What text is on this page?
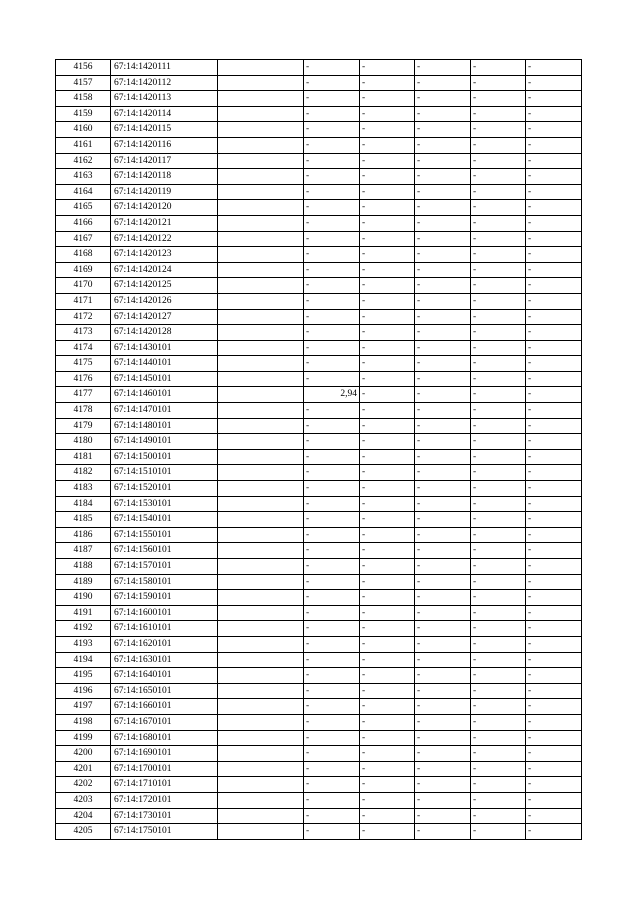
4156	67:14:1420111		-	-	-	-	-
4157	67:14:1420112		-	-	-	-	-
4158	67:14:1420113		-	-	-	-	-
4159	67:14:1420114		-	-	-	-	-
4160	67:14:1420115		-	-	-	-	-
4161	67:14:1420116		-	-	-	-	-
4162	67:14:1420117		-	-	-	-	-
4163	67:14:1420118		-	-	-	-	-
4164	67:14:1420119		-	-	-	-	-
4165	67:14:1420120		-	-	-	-	-
4166	67:14:1420121		-	-	-	-	-
4167	67:14:1420122		-	-	-	-	-
4168	67:14:1420123		-	-	-	-	-
4169	67:14:1420124		-	-	-	-	-
4170	67:14:1420125		-	-	-	-	-
4171	67:14:1420126		-	-	-	-	-
4172	67:14:1420127		-	-	-	-	-
4173	67:14:1420128		-	-	-	-	-
4174	67:14:1430101		-	-	-	-	-
4175	67:14:1440101		-	-	-	-	-
4176	67:14:1450101		-	-	-	-	-
4177	67:14:1460101		2,94	-	-	-	-
4178	67:14:1470101		-	-	-	-	-
4179	67:14:1480101		-	-	-	-	-
4180	67:14:1490101		-	-	-	-	-
4181	67:14:1500101		-	-	-	-	-
4182	67:14:1510101		-	-	-	-	-
4183	67:14:1520101		-	-	-	-	-
4184	67:14:1530101		-	-	-	-	-
4185	67:14:1540101		-	-	-	-	-
4186	67:14:1550101		-	-	-	-	-
4187	67:14:1560101		-	-	-	-	-
4188	67:14:1570101		-	-	-	-	-
4189	67:14:1580101		-	-	-	-	-
4190	67:14:1590101		-	-	-	-	-
4191	67:14:1600101		-	-	-	-	-
4192	67:14:1610101		-	-	-	-	-
4193	67:14:1620101		-	-	-	-	-
4194	67:14:1630101		-	-	-	-	-
4195	67:14:1640101		-	-	-	-	-
4196	67:14:1650101		-	-	-	-	-
4197	67:14:1660101		-	-	-	-	-
4198	67:14:1670101		-	-	-	-	-
4199	67:14:1680101		-	-	-	-	-
4200	67:14:1690101		-	-	-	-	-
4201	67:14:1700101		-	-	-	-	-
4202	67:14:1710101		-	-	-	-	-
4203	67:14:1720101		-	-	-	-	-
4204	67:14:1730101		-	-	-	-	-
4205	67:14:1750101		-	-	-	-	-
